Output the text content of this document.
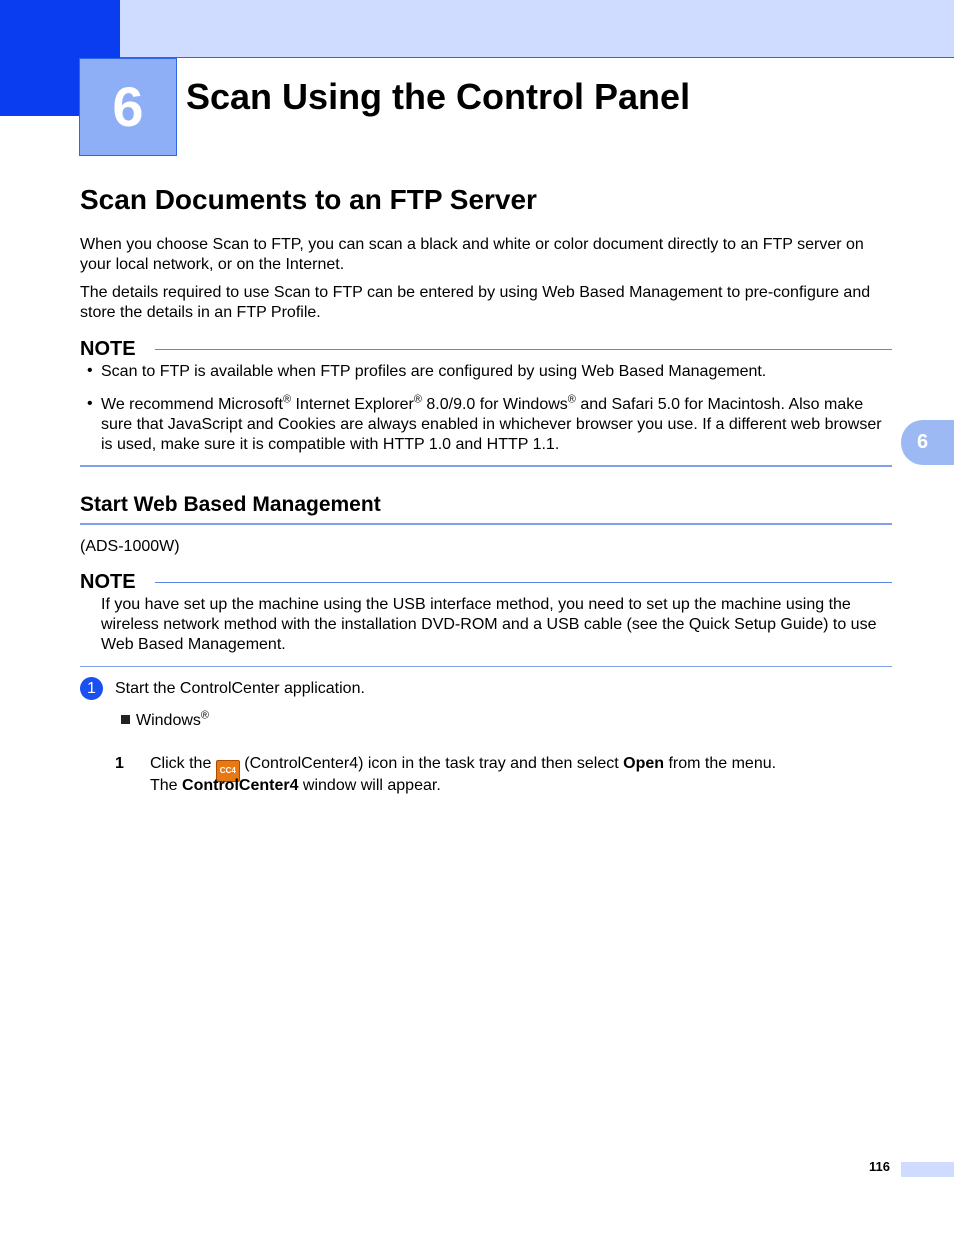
6	Scan Using the Control Panel
6
Scan Documents to an FTP Server
When you choose Scan to FTP, you can scan a black and white or color document directly to an FTP server on your local network, or on the Internet.
The details required to use Scan to FTP can be entered by using Web Based Management to pre-configure and store the details in an FTP Profile.
NOTE
• Scan to FTP is available when FTP profiles are configured by using Web Based Management.
• We recommend Microsoft® Internet Explorer® 8.0/9.0 for Windows® and Safari 5.0 for Macintosh. Also make sure that JavaScript and Cookies are always enabled in whichever browser you use. If a different web browser is used, make sure it is compatible with HTTP 1.0 and HTTP 1.1.
Start Web Based Management
(ADS-1000W)
NOTE
If you have set up the machine using the USB interface method, you need to set up the machine using the wireless network method with the installation DVD-ROM and a USB cable (see the Quick Setup Guide) to use Web Based Management.
1	Start the ControlCenter application.
Windows®
1	Click the CC4 (ControlCenter4) icon in the task tray and then select Open from the menu.
The ControlCenter4 window will appear.
116
